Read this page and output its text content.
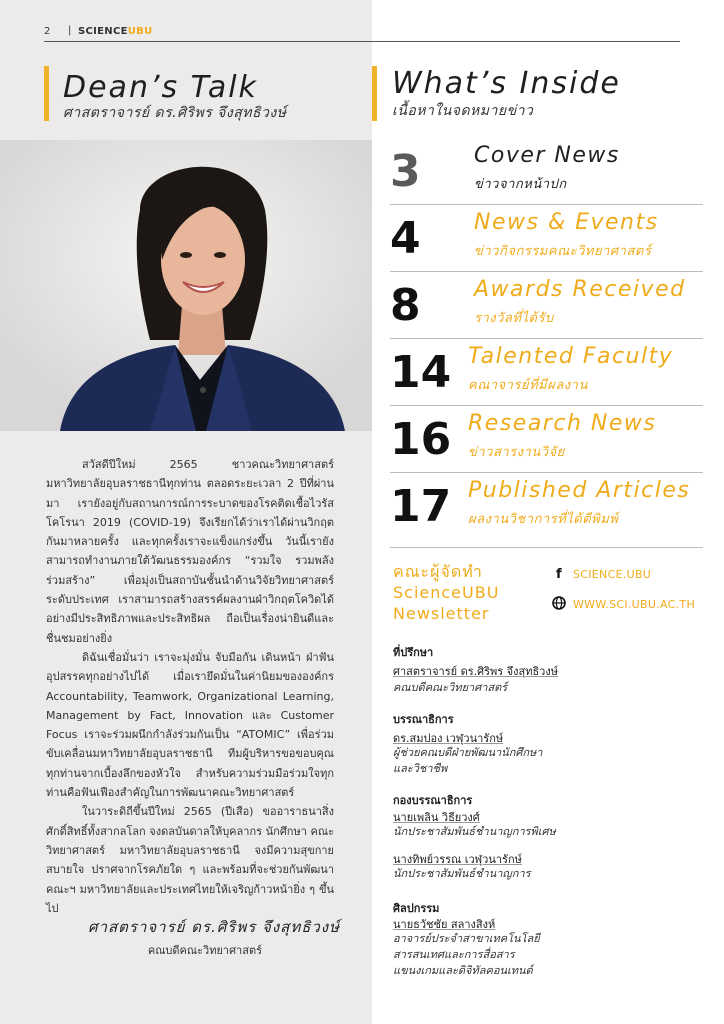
2 | SCIENCEUBU
Dean’s Talk
ศาสตราจารย์ ดร.ศิริพร จึงสุทธิวงษ์

สวัสดีปีใหม่ 2565 ชาวคณะวิทยาศาสตร์ มหาวิทยาลัยอุบลราชธานีทุกท่าน ตลอดระยะเวลา 2 ปีที่ผ่านมา เรายังอยู่กับสถานการณ์การระบาดของโรคติดเชื้อไวรัสโคโรนา 2019 (COVID-19) จึงเรียกได้ว่าเราได้ผ่านวิกฤตกันมาหลายครั้ง และทุกครั้งเราจะแข็งแกร่งขึ้น วันนี้เรายังสามารถทำงานภายใต้วัฒนธรรมองค์กร “รวมใจ รวมพลัง ร่วมสร้าง” เพื่อมุ่งเป็นสถาบันชั้นนำด้านวิจัยวิทยาศาสตร์ระดับประเทศ เราสามารถสร้างสรรค์ผลงานฝ่าวิกฤตโควิดได้อย่างมีประสิทธิภาพและประสิทธิผล ถือเป็นเรื่องน่ายินดีและชื่นชมอย่างยิ่ง

ดิฉันเชื่อมั่นว่า เราจะมุ่งมั่น จับมือกัน เดินหน้า ฝ่าฟันอุปสรรคทุกอย่างไปได้ เมื่อเรายึดมั่นในค่านิยมขององค์กร Accountability, Teamwork, Organizational Learning, Management by Fact, Innovation และ Customer Focus เราจะร่วมผนึกกำลังร่วมกันเป็น “ATOMIC” เพื่อร่วมขับเคลื่อนมหาวิทยาลัยอุบลราชธานี ทีมผู้บริหารขอขอบคุณทุกท่านจากเบื้องลึกของหัวใจ สำหรับความร่วมมือร่วมใจทุกท่านคือฟันเฟืองสำคัญในการพัฒนาคณะวิทยาศาสตร์

ในวาระดิถีขึ้นปีใหม่ 2565 (ปีเสือ) ขออาราธนาสิ่งศักดิ์สิทธิ์ทั้งสากลโลก จงดลบันดาลให้บุคลากร นักศึกษา คณะวิทยาศาสตร์ มหาวิทยาลัยอุบลราชธานี จงมีความสุขกายสบายใจ ปราศจากโรคภัยใด ๆ และพร้อมที่จะช่วยกันพัฒนาคณะฯ มหาวิทยาลัยและประเทศไทยให้เจริญก้าวหน้ายิ่ง ๆ ขึ้นไป

ศาสตราจารย์ ดร.ศิริพร จึงสุทธิวงษ์
คณบดีคณะวิทยาศาสตร์
What’s Inside
เนื้อหาในจดหมายข่าว
3 Cover News
ข่าวจากหน้าปก
4 News & Events
ข่าวกิจกรรมคณะวิทยาศาสตร์
8 Awards Received
รางวัลที่ได้รับ
14 Talented Faculty
คณาจารย์ที่มีผลงาน
16 Research News
ข่าวสารงานวิจัย
17 Published Articles
ผลงานวิชาการที่ได้ตีพิมพ์
คณะผู้จัดทำ
ScienceUBU
Newsletter
f SCIENCE.UBU
WWW.SCI.UBU.AC.TH
ที่ปรึกษา
ศาสตราจารย์ ดร.ศิริพร จึงสุทธิวงษ์
คณบดีคณะวิทยาศาสตร์
บรรณาธิการ
ดร.สมปอง เวฬุวนารักษ์
ผู้ช่วยคณบดีฝ่ายพัฒนานักศึกษา
และวิชาชีพ
กองบรรณาธิการ
นายเพลิน วิธียวงศ์
นักประชาสัมพันธ์ชำนาญการพิเศษ
นางทิพย์วรรณ เวฬุวนารักษ์
นักประชาสัมพันธ์ชำนาญการ
ศิลปกรรม
นายธวัชชัย สลางสิงห์
อาจารย์ประจำสาขาเทคโนโลยี
สารสนเทศและการสื่อสาร
แขนงเกมและดิจิทัลคอนเทนต์
